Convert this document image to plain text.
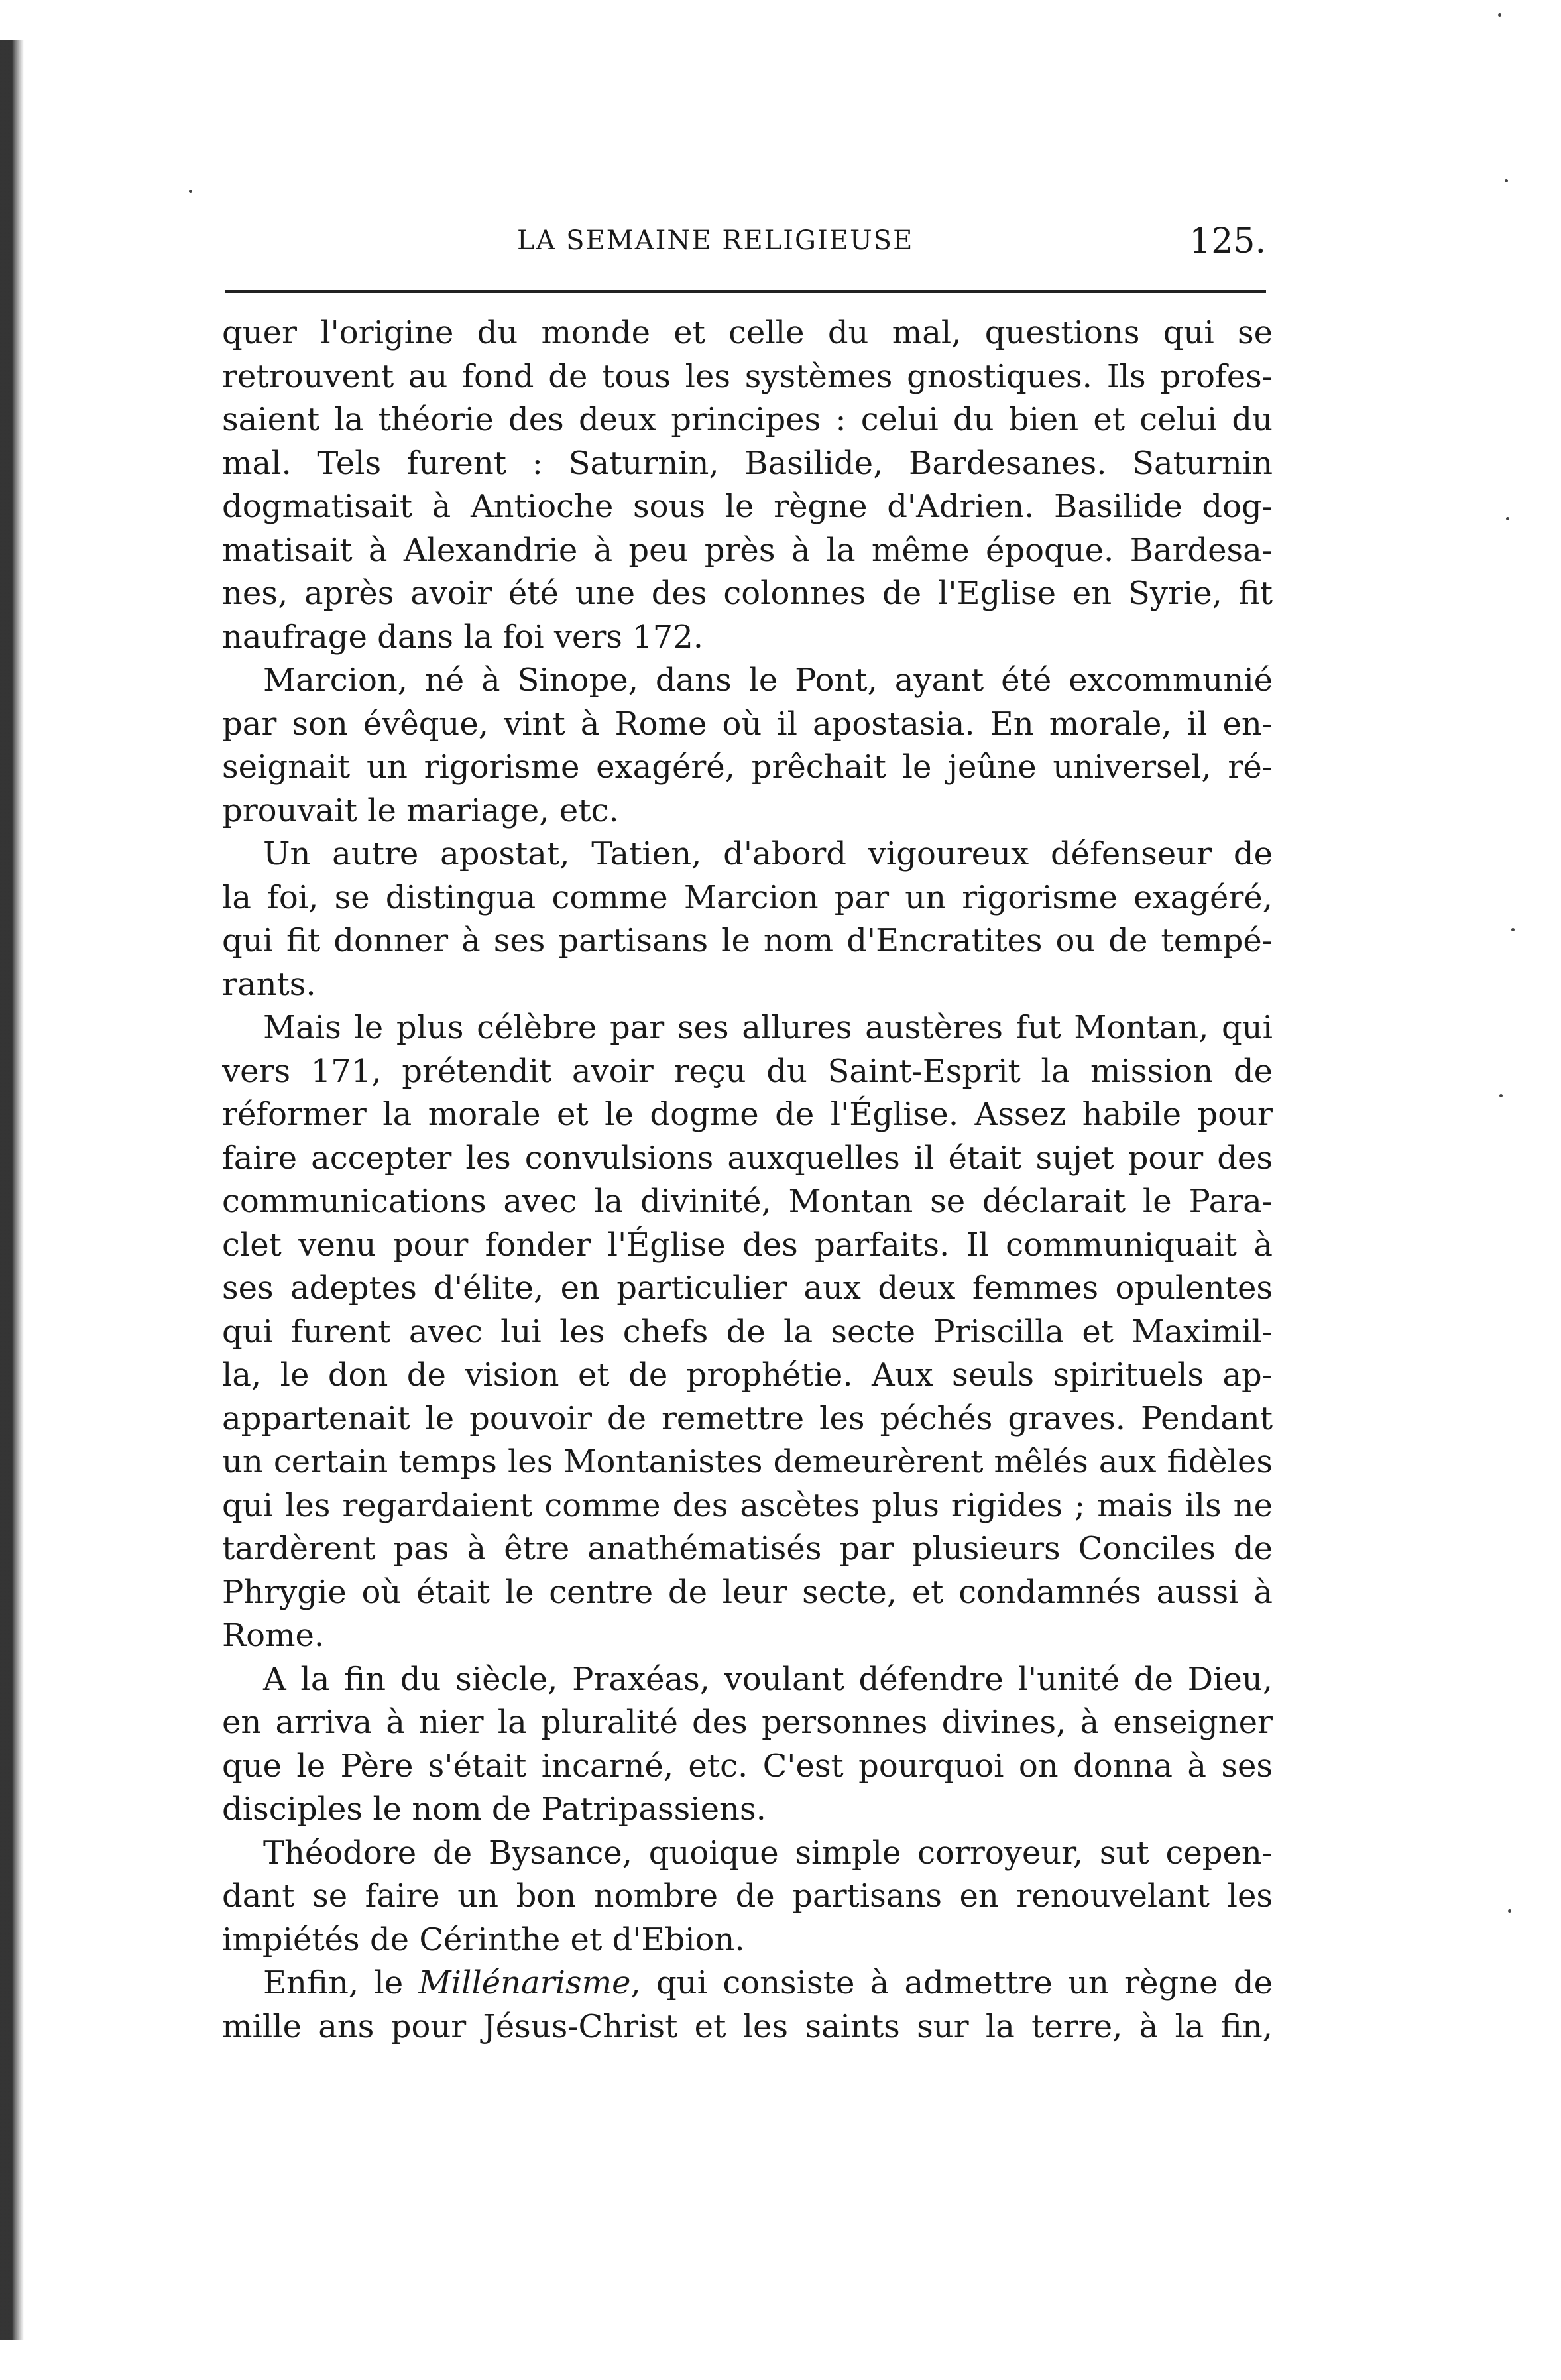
LA SEMAINE RELIGIEUSE	125.
quer l'origine du monde et celle du mal, questions qui se
retrouvent au fond de tous les systèmes gnostiques. Ils profes-
saient la théorie des deux principes : celui du bien et celui du
mal. Tels furent : Saturnin, Basilide, Bardesanes. Saturnin
dogmatisait à Antioche sous le règne d'Adrien. Basilide dog-
matisait à Alexandrie à peu près à la même époque. Bardesa-
nes, après avoir été une des colonnes de l'Eglise en Syrie, fit
naufrage dans la foi vers 172.
Marcion, né à Sinope, dans le Pont, ayant été excommunié
par son évêque, vint à Rome où il apostasia. En morale, il en-
seignait un rigorisme exagéré, prêchait le jeûne universel, ré-
prouvait le mariage, etc.
Un autre apostat, Tatien, d'abord vigoureux défenseur de
la foi, se distingua comme Marcion par un rigorisme exagéré,
qui fit donner à ses partisans le nom d'Encratites ou de tempé-
rants.
Mais le plus célèbre par ses allures austères fut Montan, qui
vers 171, prétendit avoir reçu du Saint-Esprit la mission de
réformer la morale et le dogme de l'Église. Assez habile pour
faire accepter les convulsions auxquelles il était sujet pour des
communications avec la divinité, Montan se déclarait le Para-
clet venu pour fonder l'Église des parfaits. Il communiquait à
ses adeptes d'élite, en particulier aux deux femmes opulentes
qui furent avec lui les chefs de la secte Priscilla et Maximil-
la, le don de vision et de prophétie. Aux seuls spirituels ap-
appartenait le pouvoir de remettre les péchés graves. Pendant
un certain temps les Montanistes demeurèrent mêlés aux fidèles
qui les regardaient comme des ascètes plus rigides ; mais ils ne
tardèrent pas à être anathématisés par plusieurs Conciles de
Phrygie où était le centre de leur secte, et condamnés aussi à
Rome.
A la fin du siècle, Praxéas, voulant défendre l'unité de Dieu,
en arriva à nier la pluralité des personnes divines, à enseigner
que le Père s'était incarné, etc. C'est pourquoi on donna à ses
disciples le nom de Patripassiens.
Théodore de Bysance, quoique simple corroyeur, sut cepen-
dant se faire un bon nombre de partisans en renouvelant les
impiétés de Cérinthe et d'Ebion.
Enfin, le Millénarisme, qui consiste à admettre un règne de
mille ans pour Jésus-Christ et les saints sur la terre, à la fin,
